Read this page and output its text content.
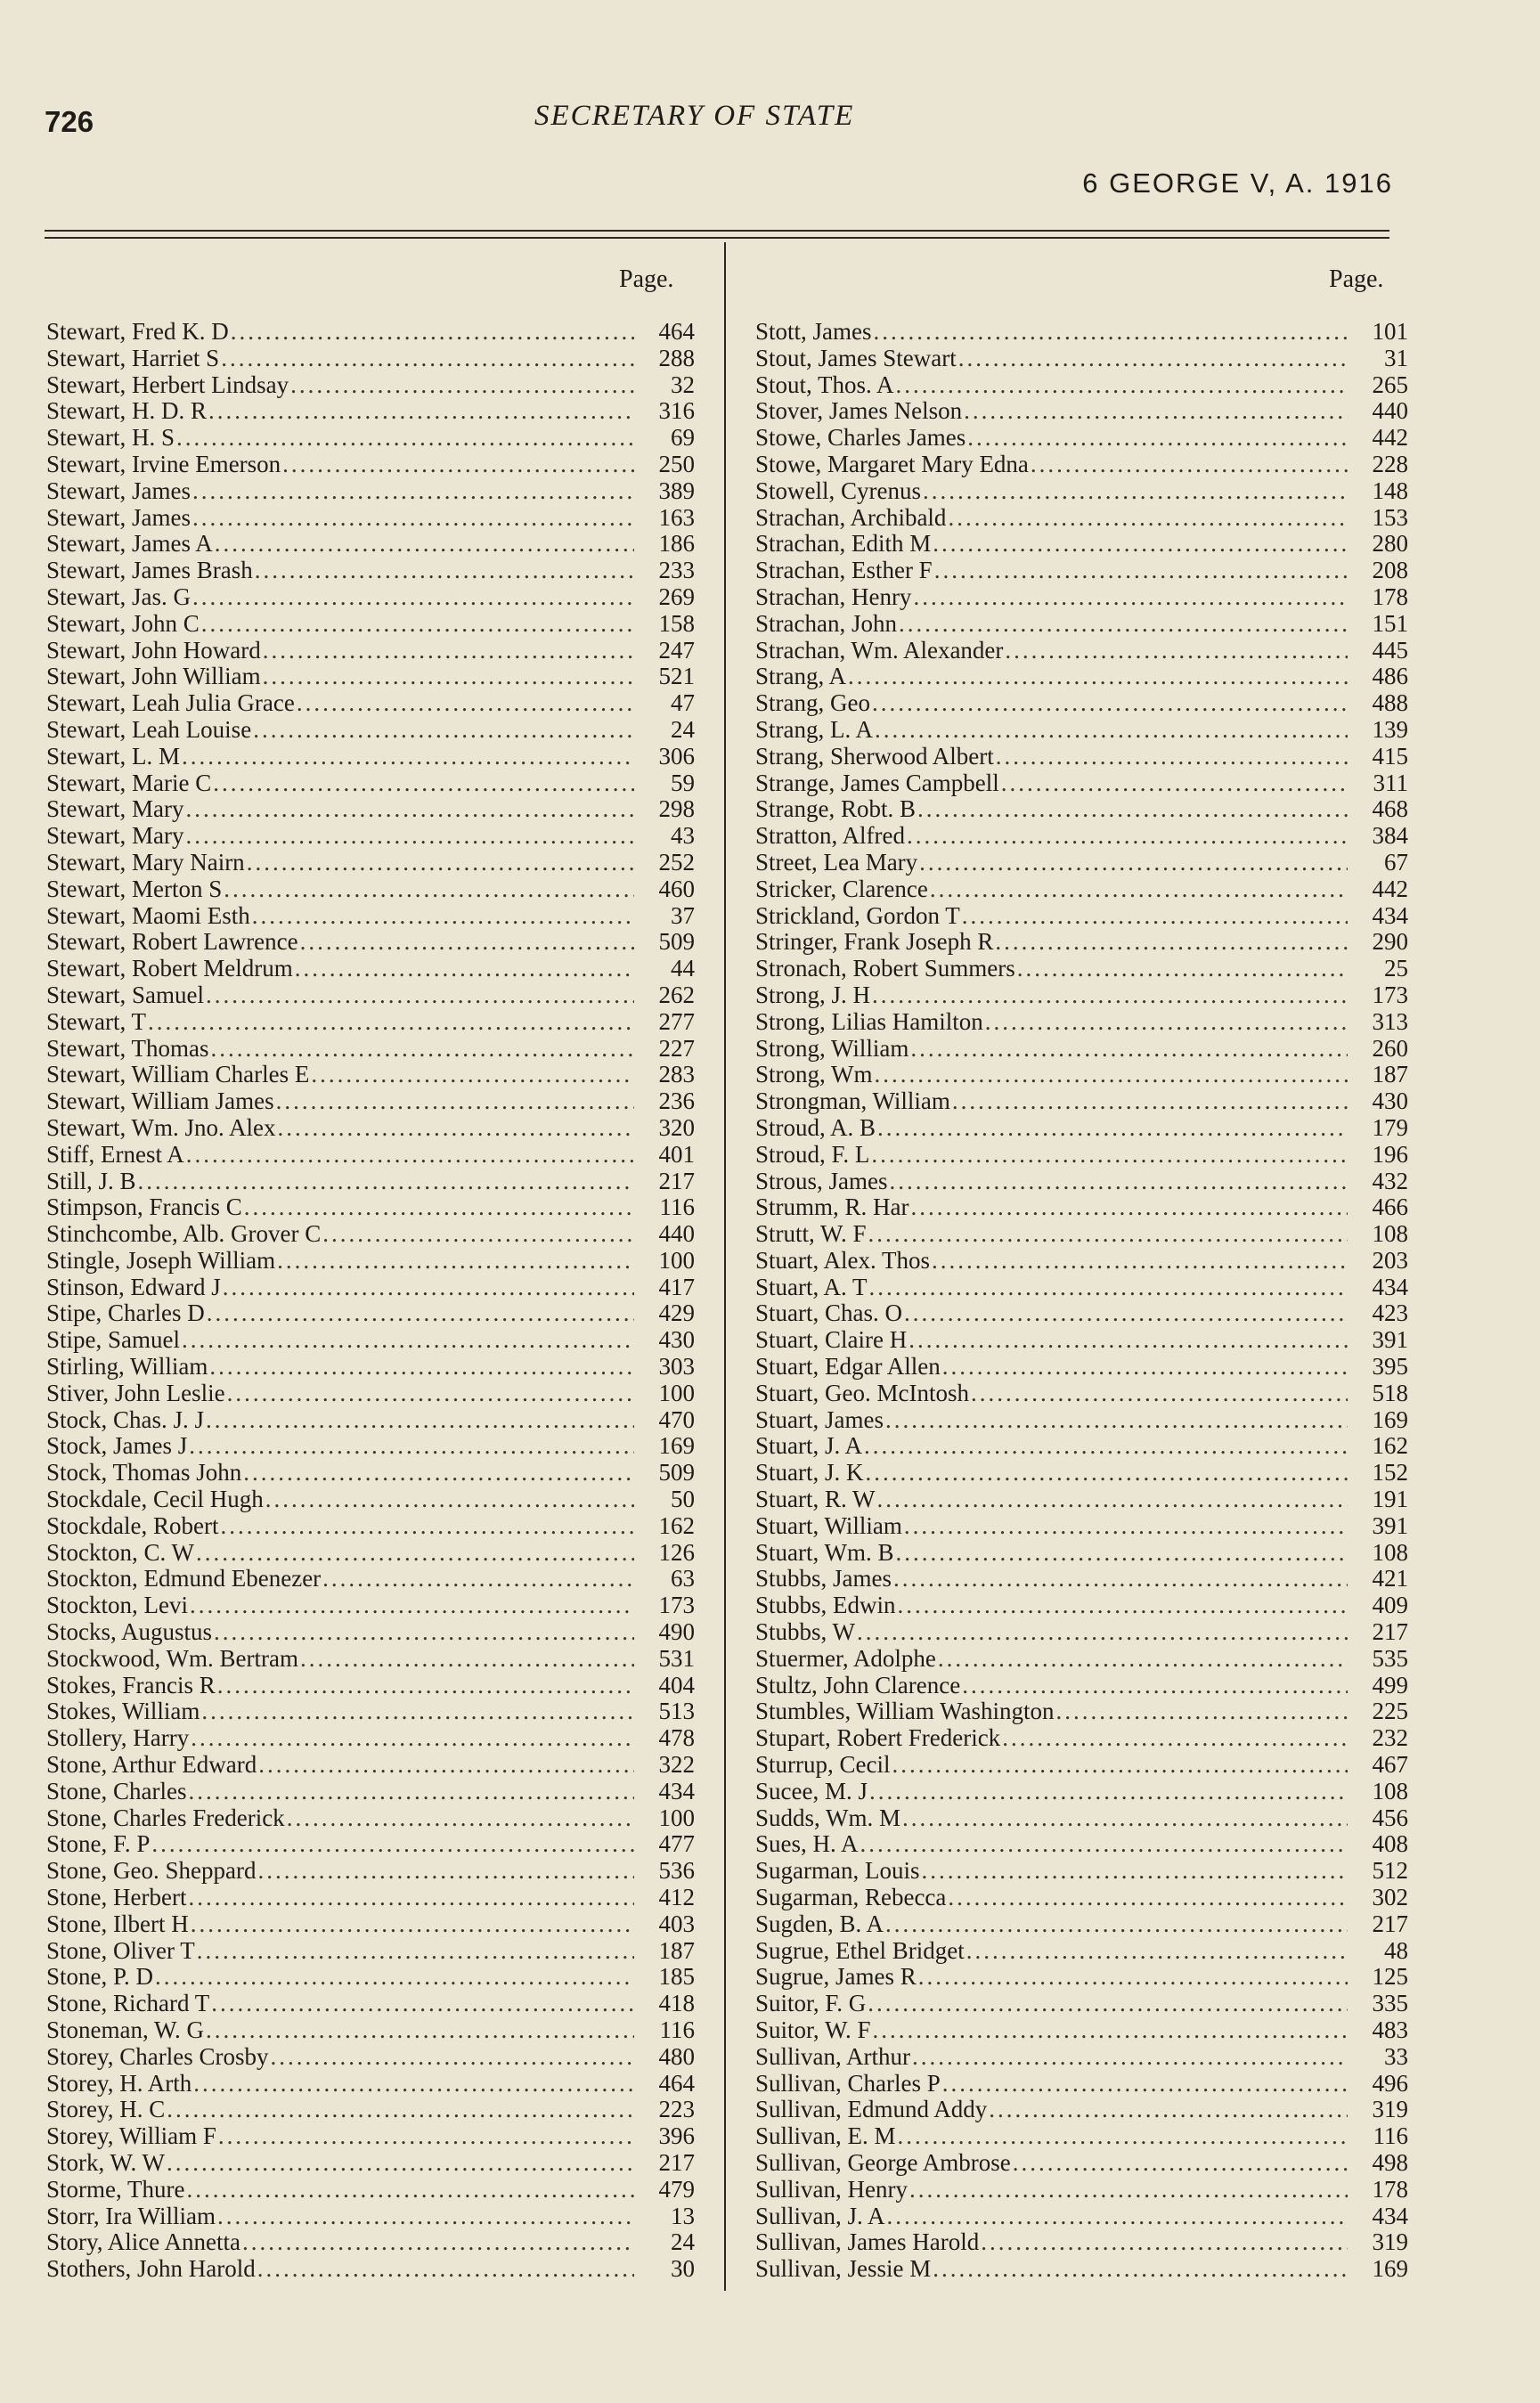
726	SECRETARY OF STATE
6 GEORGE V, A. 1916
Page.	Page.
Stewart, Fred K. D .....	464
Stewart, Harriet S .....	288
Stewart, Herbert Lindsay .....	32
Stewart, H. D. R .....	316
Stewart, H. S .....	69
Stewart, Irvine Emerson .....	250
Stewart, James .....	389
Stewart, James .....	163
Stewart, James A .....	186
Stewart, James Brash .....	233
Stewart, Jas. G .....	269
Stewart, John C .....	158
Stewart, John Howard .....	247
Stewart, John William .....	521
Stewart, Leah Julia Grace .....	47
Stewart, Leah Louise .....	24
Stewart, L. M .....	306
Stewart, Marie C .....	59
Stewart, Mary .....	298
Stewart, Mary .....	43
Stewart, Mary Nairn .....	252
Stewart, Merton S .....	460
Stewart, Maomi Esth .....	37
Stewart, Robert Lawrence .....	509
Stewart, Robert Meldrum .....	44
Stewart, Samuel .....	262
Stewart, T .....	277
Stewart, Thomas .....	227
Stewart, William Charles E .....	283
Stewart, William James .....	236
Stewart, Wm. Jno. Alex .....	320
Stiff, Ernest A .....	401
Still, J. B .....	217
Stimpson, Francis C .....	116
Stinchcombe, Alb. Grover C .....	440
Stingle, Joseph William .....	100
Stinson, Edward J .....	417
Stipe, Charles D .....	429
Stipe, Samuel .....	430
Stirling, William .....	303
Stiver, John Leslie .....	100
Stock, Chas. J. J .....	470
Stock, James J .....	169
Stock, Thomas John .....	509
Stockdale, Cecil Hugh .....	50
Stockdale, Robert .....	162
Stockton, C. W .....	126
Stockton, Edmund Ebenezer .....	63
Stockton, Levi .....	173
Stocks, Augustus .....	490
Stockwood, Wm. Bertram .....	531
Stokes, Francis R .....	404
Stokes, William .....	513
Stollery, Harry .....	478
Stone, Arthur Edward .....	322
Stone, Charles .....	434
Stone, Charles Frederick .....	100
Stone, F. P .....	477
Stone, Geo. Sheppard .....	536
Stone, Herbert .....	412
Stone, Ilbert H .....	403
Stone, Oliver T .....	187
Stone, P. D .....	185
Stone, Richard T .....	418
Stoneman, W. G .....	116
Storey, Charles Crosby .....	480
Storey, H. Arth .....	464
Storey, H. C .....	223
Storey, William F .....	396
Stork, W. W .....	217
Storme, Thure .....	479
Storr, Ira William .....	13
Story, Alice Annetta .....	24
Stothers, John Harold .....	30
Stott, James .....	101
Stout, James Stewart .....	31
Stout, Thos. A .....	265
Stover, James Nelson .....	440
Stowe, Charles James .....	442
Stowe, Margaret Mary Edna .....	228
Stowell, Cyrenus .....	148
Strachan, Archibald .....	153
Strachan, Edith M .....	280
Strachan, Esther F .....	208
Strachan, Henry .....	178
Strachan, John .....	151
Strachan, Wm. Alexander .....	445
Strang, A .....	486
Strang, Geo .....	488
Strang, L. A .....	139
Strang, Sherwood Albert .....	415
Strange, James Campbell .....	311
Strange, Robt. B .....	468
Stratton, Alfred .....	384
Street, Lea Mary .....	67
Stricker, Clarence .....	442
Strickland, Gordon T .....	434
Stringer, Frank Joseph R .....	290
Stronach, Robert Summers .....	25
Strong, J. H .....	173
Strong, Lilias Hamilton .....	313
Strong, William .....	260
Strong, Wm .....	187
Strongman, William .....	430
Stroud, A. B .....	179
Stroud, F. L .....	196
Strous, James .....	432
Strumm, R. Har .....	466
Strutt, W. F .....	108
Stuart, Alex. Thos .....	203
Stuart, A. T .....	434
Stuart, Chas. O .....	423
Stuart, Claire H .....	391
Stuart, Edgar Allen .....	395
Stuart, Geo. McIntosh .....	518
Stuart, James .....	169
Stuart, J. A .....	162
Stuart, J. K .....	152
Stuart, R. W .....	191
Stuart, William .....	391
Stuart, Wm. B .....	108
Stubbs, James .....	421
Stubbs, Edwin .....	409
Stubbs, W .....	217
Stuermer, Adolphe .....	535
Stultz, John Clarence .....	499
Stumbles, William Washington .....	225
Stupart, Robert Frederick .....	232
Sturrup, Cecil .....	467
Sucee, M. J .....	108
Sudds, Wm. M .....	456
Sues, H. A .....	408
Sugarman, Louis .....	512
Sugarman, Rebecca .....	302
Sugden, B. A .....	217
Sugrue, Ethel Bridget .....	48
Sugrue, James R .....	125
Suitor, F. G .....	335
Suitor, W. F .....	483
Sullivan, Arthur .....	33
Sullivan, Charles P .....	496
Sullivan, Edmund Addy .....	319
Sullivan, E. M .....	116
Sullivan, George Ambrose .....	498
Sullivan, Henry .....	178
Sullivan, J. A .....	434
Sullivan, James Harold .....	319
Sullivan, Jessie M .....	169
